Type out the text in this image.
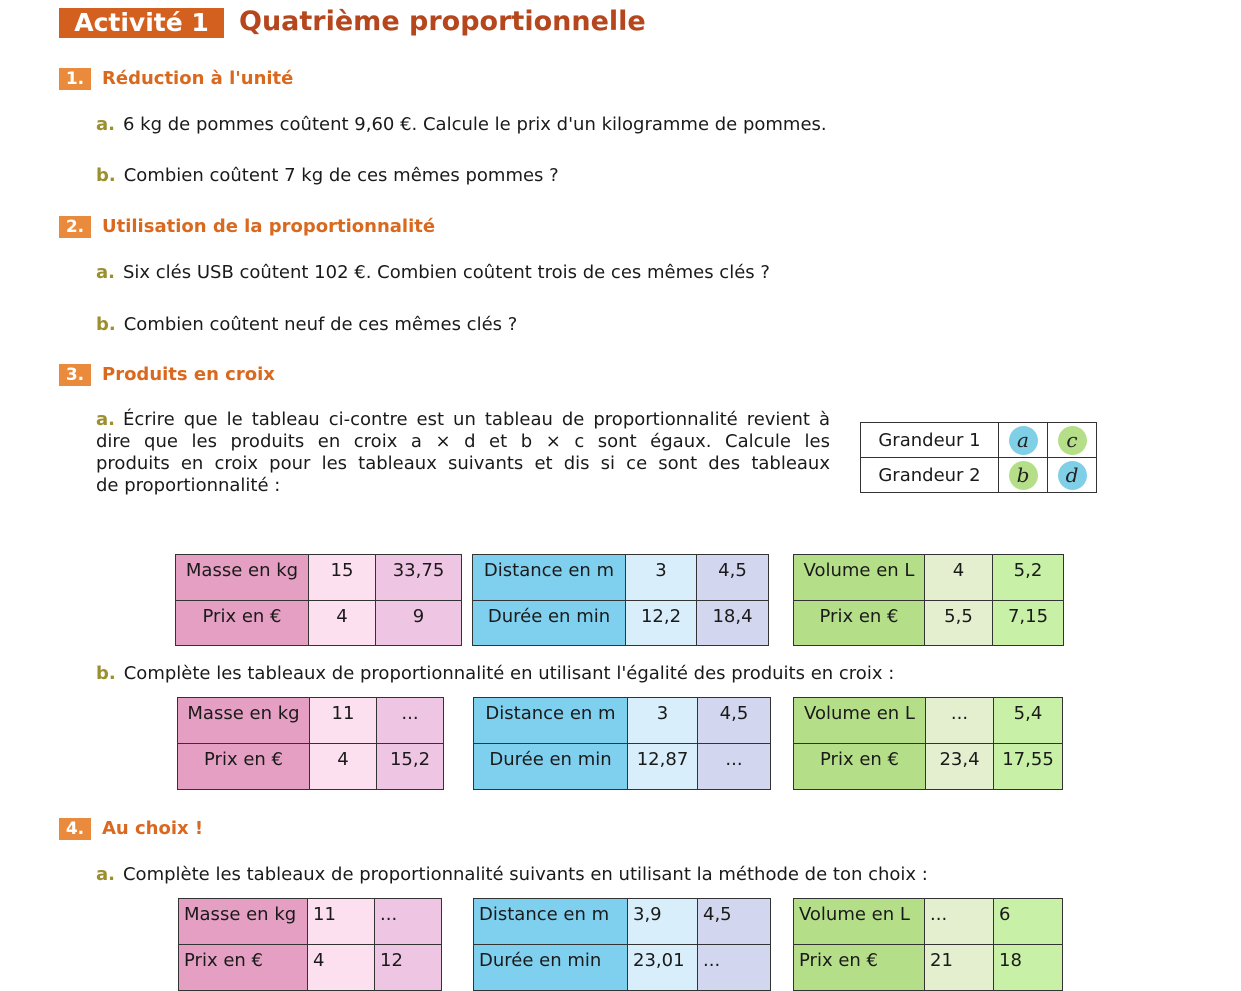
Activité 1	Quatrième proportionnelle
1. Réduction à l'unité
a. 6 kg de pommes coûtent 9,60 €. Calcule le prix d'un kilogramme de pommes.
b. Combien coûtent 7 kg de ces mêmes pommes ?
2. Utilisation de la proportionnalité
a. Six clés USB coûtent 102 €. Combien coûtent trois de ces mêmes clés ?
b. Combien coûtent neuf de ces mêmes clés ?
3. Produits en croix

a. Écrire que le tableau ci-contre est un tableau de proportionnalité revient à

dire que les produits en croix a × d et b × c sont égaux. Calcule les

produits en croix pour les tableaux suivants et dis si ce sont des tableaux

de proportionnalité :

Grandeur 1	a	c
Grandeur 2	b	d
Masse en kg	15	33,75
Prix en €	4	9
Distance en m	3	4,5
Durée en min	12,2	18,4
Volume en L	4	5,2
Prix en €	5,5	7,15
b. Complète les tableaux de proportionnalité en utilisant l'égalité des produits en croix :
Masse en kg	11	...
Prix en €	4	15,2
Distance en m	3	4,5
Durée en min	12,87	...
Volume en L	...	5,4
Prix en €	23,4	17,55
4. Au choix !
a. Complète les tableaux de proportionnalité suivants en utilisant la méthode de ton choix :
Masse en kg	11	...
Prix en €	4	12
Distance en m	3,9	4,5
Durée en min	23,01	...
Volume en L	...	6
Prix en €	21	18
